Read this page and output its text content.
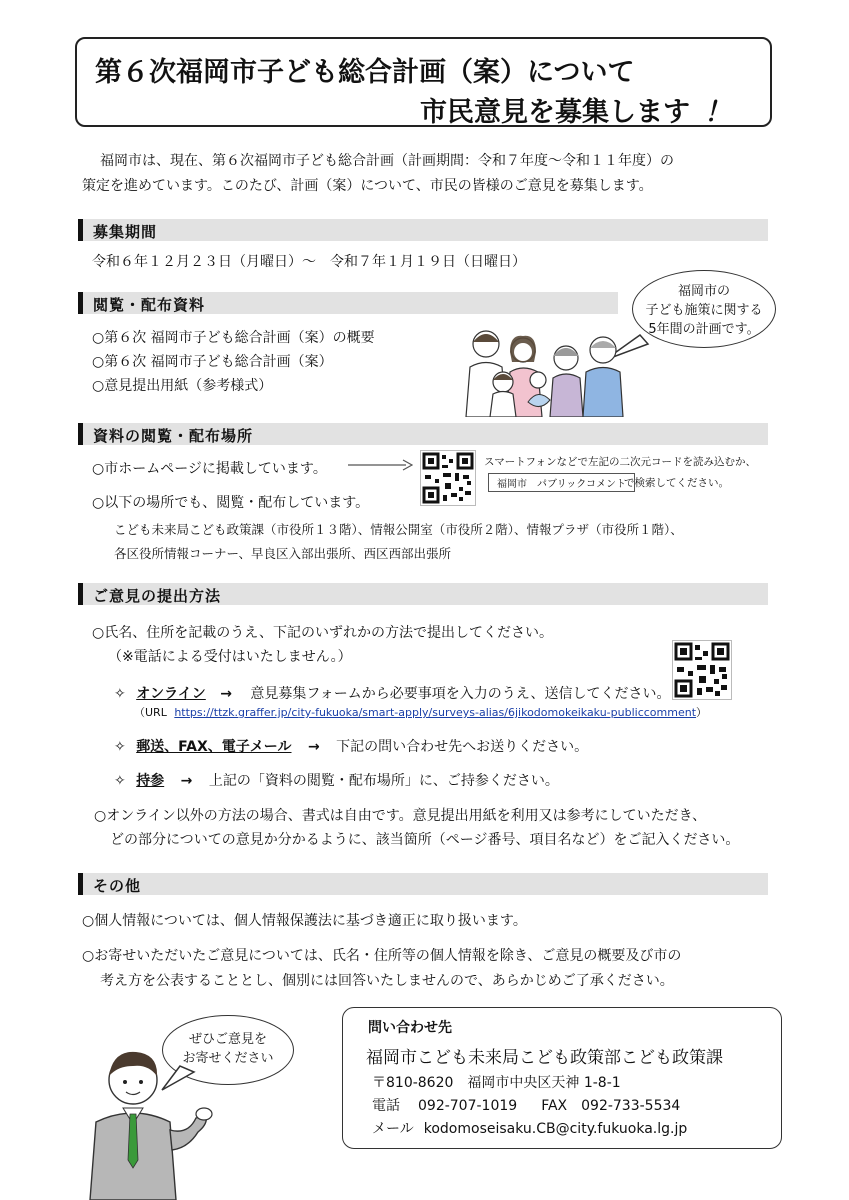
第６次福岡市子ども総合計画（案）について
市民意見を募集します ！
福岡市は、現在、第６次福岡市子ども総合計画（計画期間：令和７年度〜令和１１年度）の
策定を進めています。このたび、計画（案）について、市民の皆様のご意見を募集します。
募集期間
令和６年１２月２３日（月曜日）〜　令和７年１月１９日（日曜日）
閲覧・配布資料
○第６次 福岡市子ども総合計画（案）の概要
○第６次 福岡市子ども総合計画（案）
○意見提出用紙（参考様式）
福岡市の
子ども施策に関する
5年間の計画です。
資料の閲覧・配布場所
○市ホームページに掲載しています。	スマートフォンなどで左記の二次元コードを読み込むか、
福岡市　パブリックコメント
で検索してください。
○以下の場所でも、閲覧・配布しています。
こども未来局こども政策課（市役所１３階）、情報公開室（市役所２階）、情報プラザ（市役所１階）、
各区役所情報コーナー、早良区入部出張所、西区西部出張所
ご意見の提出方法
○氏名、住所を記載のうえ、下記のいずれかの方法で提出してください。
（※電話による受付はいたしません。）
✧ オンライン → 意見募集フォームから必要事項を入力のうえ、送信してください。
（URL https://ttzk.graffer.jp/city-fukuoka/smart-apply/surveys-alias/6jikodomokeikaku-publiccomment）
✧ 郵送、FAX、電子メール → 下記の問い合わせ先へお送りください。
✧ 持参 → 上記の「資料の閲覧・配布場所」に、ご持参ください。
○オンライン以外の方法の場合、書式は自由です。意見提出用紙を利用又は参考にしていただき、
どの部分についての意見か分かるように、該当箇所（ページ番号、項目名など）をご記入ください。
その他
○個人情報については、個人情報保護法に基づき適正に取り扱います。
○お寄せいただいたご意見については、氏名・住所等の個人情報を除き、ご意見の概要及び市の
考え方を公表することとし、個別には回答いたしませんので、あらかじめご了承ください。
ぜひご意見を
お寄せください
問い合わせ先
福岡市こども未来局こども政策部こども政策課
〒810-8620　福岡市中央区天神 1-8-1
電話 092-707-1019 FAX 092-733-5534
メール kodomoseisaku.CB@city.fukuoka.lg.jp
